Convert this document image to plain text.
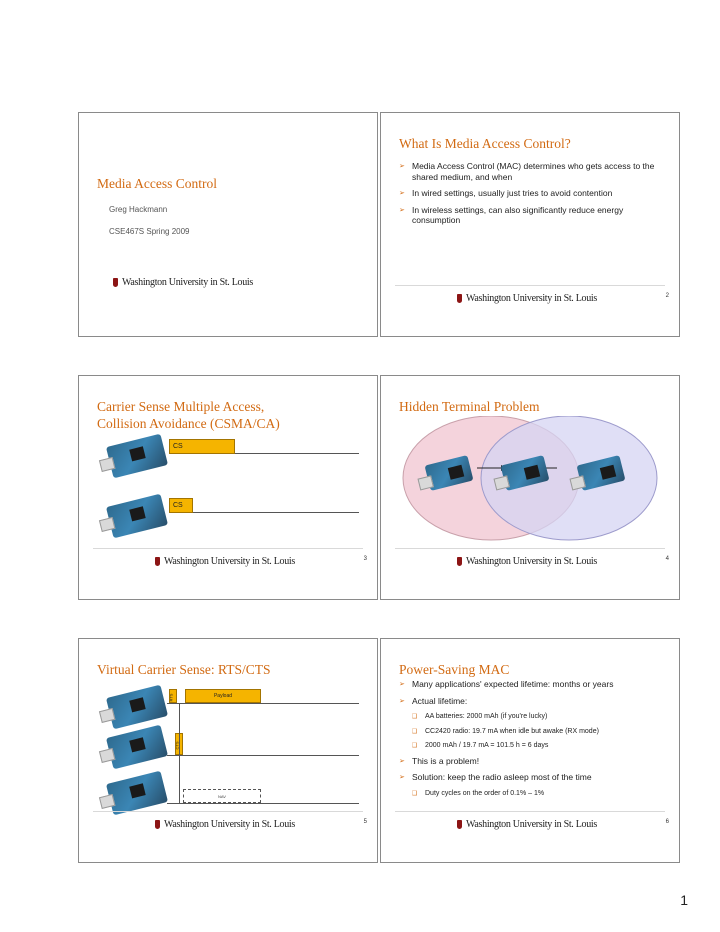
Media Access Control
Greg Hackmann
CSE467S Spring 2009
Washington University in St. Louis
What Is Media Access Control?
➢ Media Access Control (MAC) determines who gets access to the shared medium, and when
➢ In wired settings, usually just tries to avoid contention
➢ In wireless settings, can also significantly reduce energy consumption
Washington University in St. Louis	2
Carrier Sense Multiple Access,
Collision Avoidance (CSMA/CA)
CS
CS
Washington University in St. Louis	3
Hidden Terminal Problem
Washington University in St. Louis	4
Virtual Carrier Sense: RTS/CTS
RTS	Payload
CTS
NAV
Washington University in St. Louis	5
Power-Saving MAC
➢ Many applications' expected lifetime: months or years
➢ Actual lifetime:
❑ AA batteries: 2000 mAh (if you're lucky)
❑ CC2420 radio: 19.7 mA when idle but awake (RX mode)
❑ 2000 mAh / 19.7 mA = 101.5 h = 6 days
➢ This is a problem!
➢ Solution: keep the radio asleep most of the time
❑ Duty cycles on the order of 0.1% – 1%
Washington University in St. Louis	6
1
